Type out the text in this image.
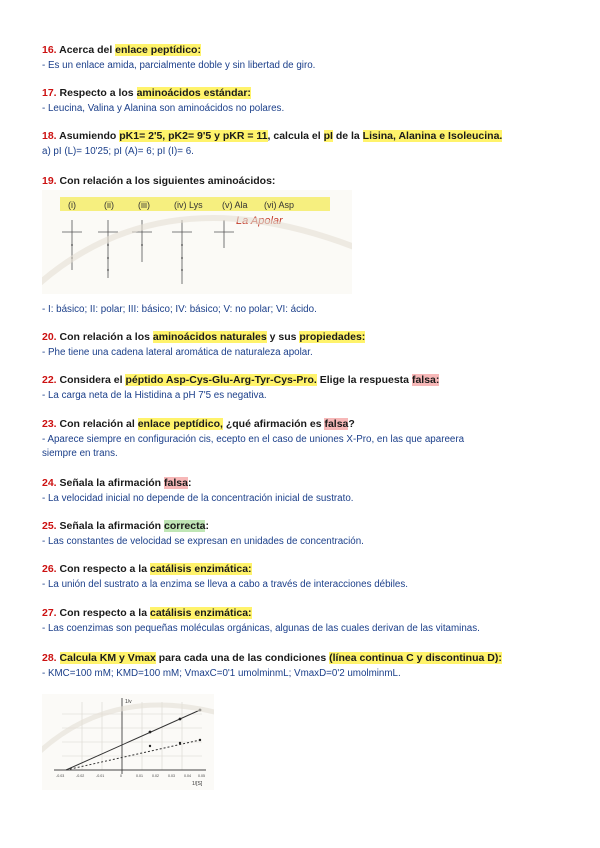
16. Acerca del enlace peptídico:
- Es un enlace amida, parcialmente doble y sin libertad de giro.
17. Respecto a los aminoácidos estándar:
- Leucina, Valina y Alanina son aminoácidos no polares.
18. Asumiendo pK1= 2'5, pK2= 9'5 y pKR = 11, calcula el pI de la Lisina, Alanina e Isoleucina.
a) pI (L)= 10'25; pI (A)= 6; pI (I)= 6.
19. Con relación a los siguientes aminoácidos:
(i)	(ii)	(iii)	(iv) Lys (v) Ala (vi) Asp
La Apolar
- I: básico; II: polar; III: básico; IV: básico; V: no polar; VI: ácido.
20. Con relación a los aminoácidos naturales y sus propiedades:
- Phe tiene una cadena lateral aromática de naturaleza apolar.
22. Considera el péptido Asp-Cys-Glu-Arg-Tyr-Cys-Pro. Elige la respuesta falsa:
- La carga neta de la Histidina a pH 7'5 es negativa.
23. Con relación al enlace peptídico, ¿qué afirmación es falsa?
- Aparece siempre en configuración cis, ecepto en el caso de uniones X-Pro, en las que apareera
siempre en trans.
24. Señala la afirmación falsa:
- La velocidad inicial no depende de la concentración inicial de sustrato.
25. Señala la afirmación correcta:
- Las constantes de velocidad se expresan en unidades de concentración.
26. Con respecto a la catálisis enzimática:
- La unión del sustrato a la enzima se lleva a cabo a través de interacciones débiles.
27. Con respecto a la catálisis enzimática:
- Las coenzimas son pequeñas moléculas orgánicas, algunas de las cuales derivan de las vitaminas.
28. Calcula KM y Vmax para cada una de las condiciones (línea continua C y discontinua D):
- KMC=100 mM; KMD=100 mM; VmaxC=0'1 umolminmL; VmaxD=0'2 umolminmL.
1/v
1/[S]
-0.03	-0.02	-0.01	0	0.01	0.02	0.03	0.04 0.05
